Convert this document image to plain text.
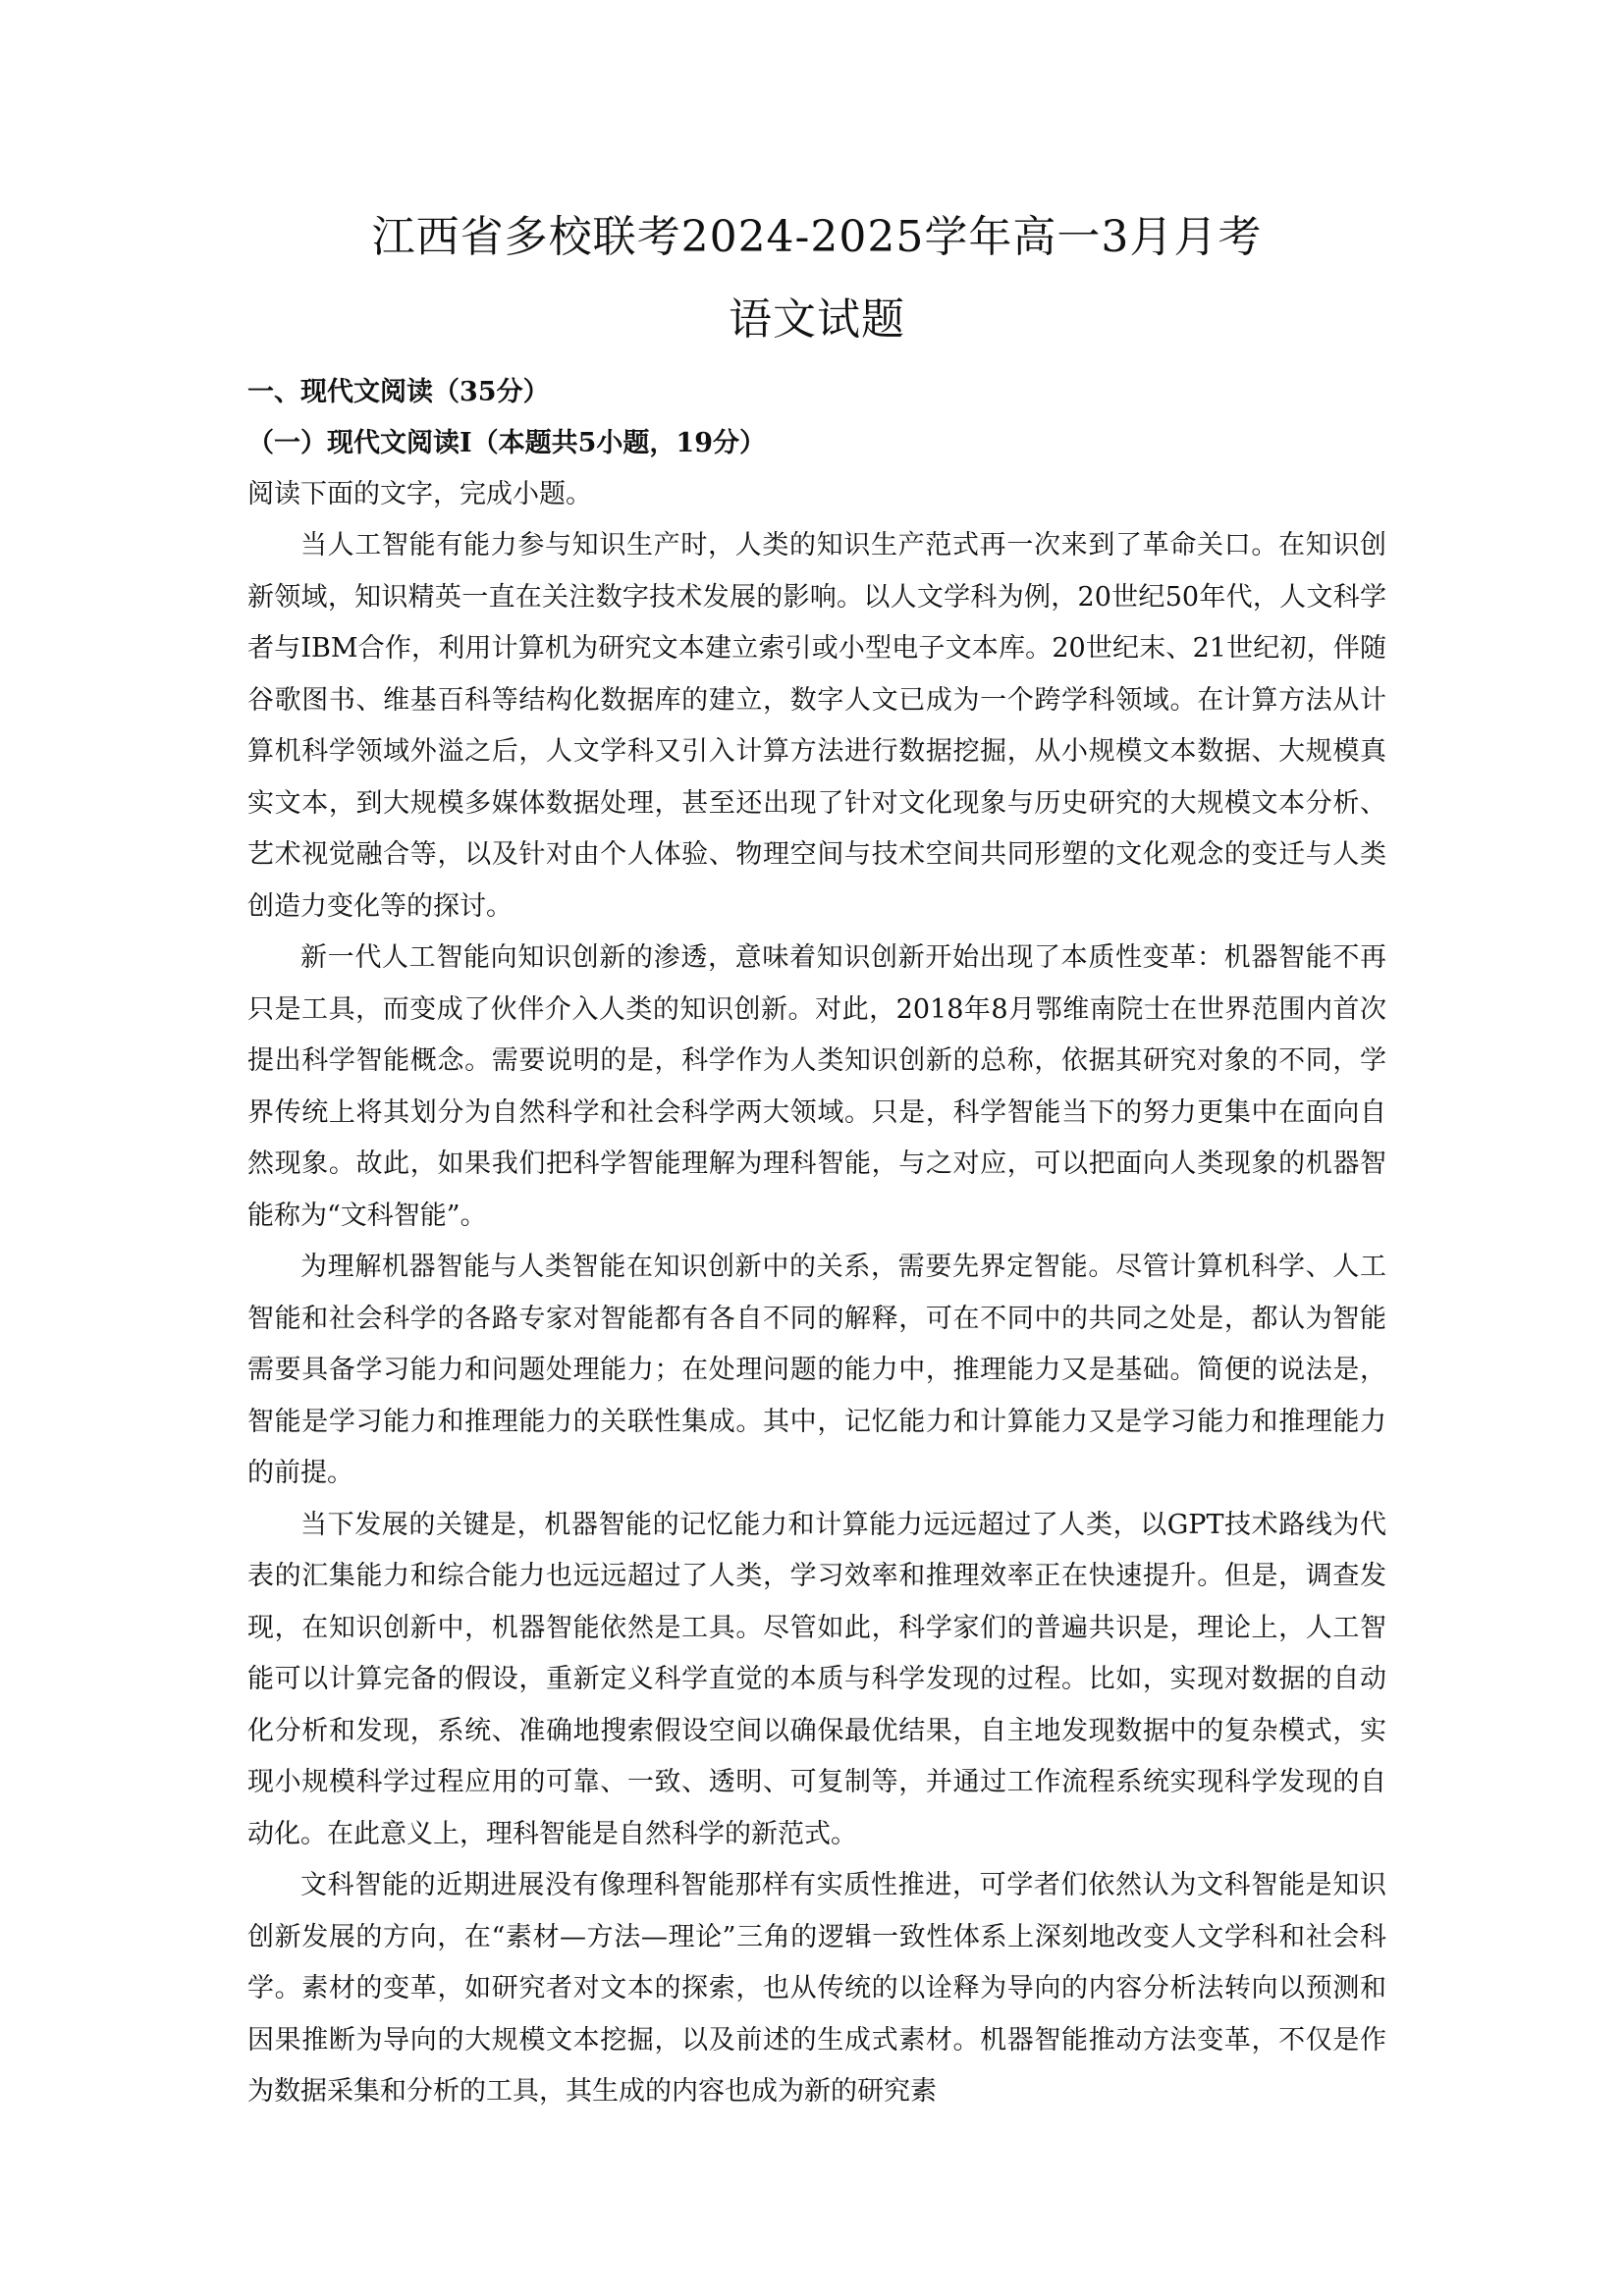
江西省多校联考2024-2025学年高一3月月考
语文试题
一、现代文阅读（35分）
（一）现代文阅读Ⅰ（本题共5小题，19分）
阅读下面的文字，完成小题。

当人工智能有能力参与知识生产时，人类的知识生产范式再一次来到了革命关口。在知识创新领域，知识精英一直在关注数字技术发展的影响。以人文学科为例，20世纪50年代，人文科学者与IBM合作，利用计算机为研究文本建立索引或小型电子文本库。20世纪末、21世纪初，伴随谷歌图书、维基百科等结构化数据库的建立，数字人文已成为一个跨学科领域。在计算方法从计算机科学领域外溢之后，人文学科又引入计算方法进行数据挖掘，从小规模文本数据、大规模真实文本，到大规模多媒体数据处理，甚至还出现了针对文化现象与历史研究的大规模文本分析、艺术视觉融合等，以及针对由个人体验、物理空间与技术空间共同形塑的文化观念的变迁与人类创造力变化等的探讨。

新一代人工智能向知识创新的渗透，意味着知识创新开始出现了本质性变革：机器智能不再只是工具，而变成了伙伴介入人类的知识创新。对此，2018年8月鄂维南院士在世界范围内首次提出科学智能概念。需要说明的是，科学作为人类知识创新的总称，依据其研究对象的不同，学界传统上将其划分为自然科学和社会科学两大领域。只是，科学智能当下的努力更集中在面向自然现象。故此，如果我们把科学智能理解为理科智能，与之对应，可以把面向人类现象的机器智能称为“文科智能”。

为理解机器智能与人类智能在知识创新中的关系，需要先界定智能。尽管计算机科学、人工智能和社会科学的各路专家对智能都有各自不同的解释，可在不同中的共同之处是，都认为智能需要具备学习能力和问题处理能力；在处理问题的能力中，推理能力又是基础。简便的说法是，智能是学习能力和推理能力的关联性集成。其中，记忆能力和计算能力又是学习能力和推理能力的前提。

当下发展的关键是，机器智能的记忆能力和计算能力远远超过了人类，以GPT技术路线为代表的汇集能力和综合能力也远远超过了人类，学习效率和推理效率正在快速提升。但是，调查发现，在知识创新中，机器智能依然是工具。尽管如此，科学家们的普遍共识是，理论上，人工智能可以计算完备的假设，重新定义科学直觉的本质与科学发现的过程。比如，实现对数据的自动化分析和发现，系统、准确地搜索假设空间以确保最优结果，自主地发现数据中的复杂模式，实现小规模科学过程应用的可靠、一致、透明、可复制等，并通过工作流程系统实现科学发现的自动化。在此意义上，理科智能是自然科学的新范式。

文科智能的近期进展没有像理科智能那样有实质性推进，可学者们依然认为文科智能是知识创新发展的方向，在“素材—方法—理论”三角的逻辑一致性体系上深刻地改变人文学科和社会科学。素材的变革，如研究者对文本的探索，也从传统的以诠释为导向的内容分析法转向以预测和因果推断为导向的大规模文本挖掘，以及前述的生成式素材。机器智能推动方法变革，不仅是作为数据采集和分析的工具，其生成的内容也成为新的研究素
